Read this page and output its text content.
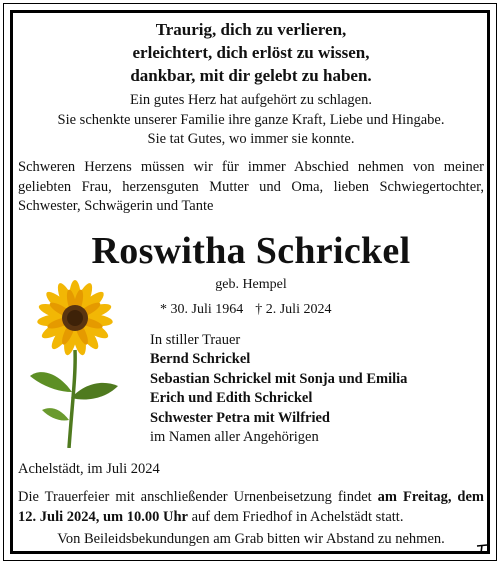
Traurig, dich zu verlieren,
erleichtert, dich erlöst zu wissen,
dankbar, mit dir gelebt zu haben.
Ein gutes Herz hat aufgehört zu schlagen.
Sie schenkte unserer Familie ihre ganze Kraft, Liebe und Hingabe.
Sie tat Gutes, wo immer sie konnte.
Schweren Herzens müssen wir für immer Abschied nehmen von meiner geliebten Frau, herzensguten Mutter und Oma, lieben Schwiegertochter, Schwester, Schwägerin und Tante
Roswitha Schrickel
geb. Hempel
* 30. Juli 1964 † 2. Juli 2024
In stiller Trauer
Bernd Schrickel
Sebastian Schrickel mit Sonja und Emilia
Erich und Edith Schrickel
Schwester Petra mit Wilfried
im Namen aller Angehörigen
Achelstädt, im Juli 2024
Die Trauerfeier mit anschließender Urnenbeisetzung findet am Freitag, dem 12. Juli 2024, um 10.00 Uhr auf dem Friedhof in Achelstädt statt.
Von Beileidsbekundungen am Grab bitten wir Abstand zu nehmen.
